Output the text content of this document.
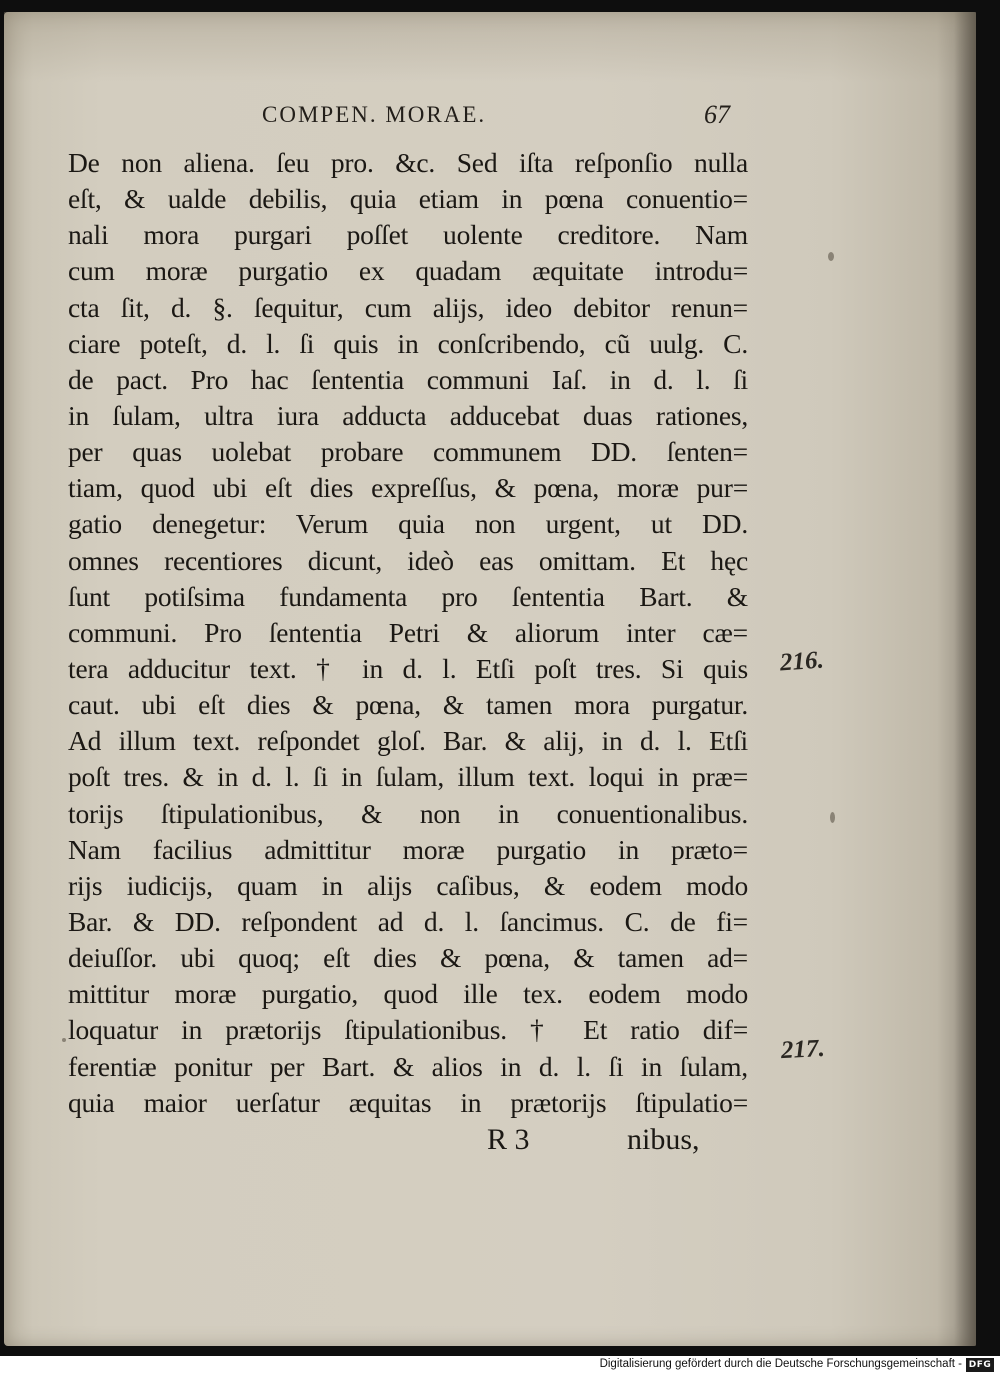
COMPEN. MORAE.	67
De non aliena. ſeu pro. &c. Sed iſta reſponſio nulla
eſt, & ualde debilis, quia etiam in pœna conuentio=
nali mora purgari poſſet uolente creditore. Nam
cum moræ purgatio ex quadam æquitate introdu=
cta ſit, d. §. ſequitur, cum alijs, ideo debitor renun=
ciare poteſt, d. l. ſi quis in conſcribendo, cũ uulg. C.
de pact. Pro hac ſententia communi Iaſ. in d. l. ſi
in ſulam, ultra iura adducta adducebat duas rationes,
per quas uolebat probare communem DD. ſenten=
tiam, quod ubi eſt dies expreſſus, & pœna, moræ pur=
gatio denegetur: Verum quia non urgent, ut DD.
omnes recentiores dicunt, ideò eas omittam. Et hęc
ſunt potiſsima fundamenta pro ſententia Bart. &
communi. Pro ſententia Petri & aliorum inter cæ=
tera adducitur text. † in d. l. Etſi poſt tres. Si quis
caut. ubi eſt dies & pœna, & tamen mora purgatur.
Ad illum text. reſpondet gloſ. Bar. & alij, in d. l. Etſi
poſt tres. & in d. l. ſi in ſulam, illum text. loqui in præ=
torijs ſtipulationibus, & non in conuentionalibus.
Nam facilius admittitur moræ purgatio in præto=
rijs iudicijs, quam in alijs caſibus, & eodem modo
Bar. & DD. reſpondent ad d. l. ſancimus. C. de fi=
deiuſſor. ubi quoq; eſt dies & pœna, & tamen ad=
mittitur moræ purgatio, quod ille tex. eodem modo
loquatur in prætorijs ſtipulationibus. † Et ratio dif=
ferentiæ ponitur per Bart. & alios in d. l. ſi in ſulam,
quia maior uerſatur æquitas in prætorijs ſtipulatio=
R 3	nibus,
216.
217.
Digitalisierung gefördert durch die Deutsche Forschungsgemeinschaft - DFG
